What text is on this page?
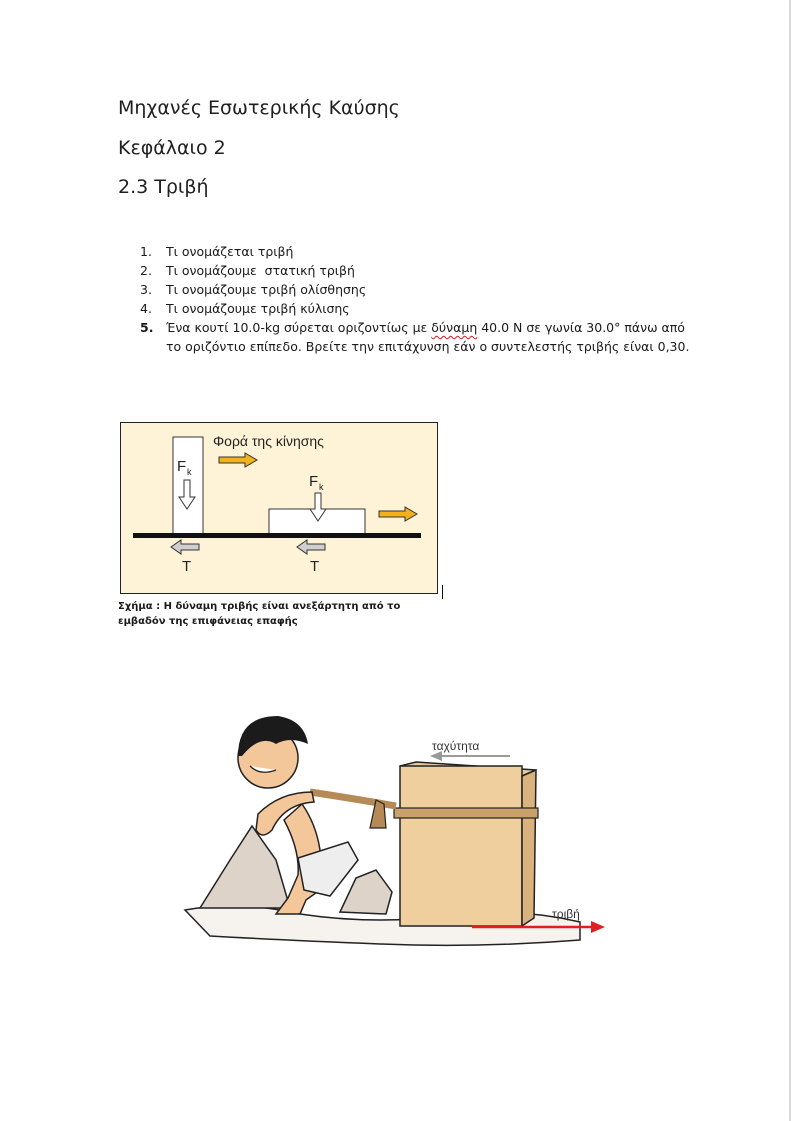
Μηχανές Εσωτερικής Καύσης
Κεφάλαιο 2
2.3 Τριβή
1. Τι ονομάζεται τριβή
2. Τι ονομάζουμε  στατική τριβή
3. Τι ονομάζουμε τριβή ολίσθησης
4. Τι ονομάζουμε τριβή κύλισης
5. Ένα κουτί 10.0-kg σύρεται οριζοντίως με δύναμη 40.0 N σε γωνία 30.0° πάνω από το οριζόντιο επίπεδο. Βρείτε την επιτάχυνση εάν ο συντελεστής τριβής είναι 0,30.
Φορά της κίνησης
F k
F k
T	T
Σχήμα : Η δύναμη τριβής είναι ανεξάρτητη από το εμβαδόν της επιφάνειας επαφής
ταχύτητα
τριβή
